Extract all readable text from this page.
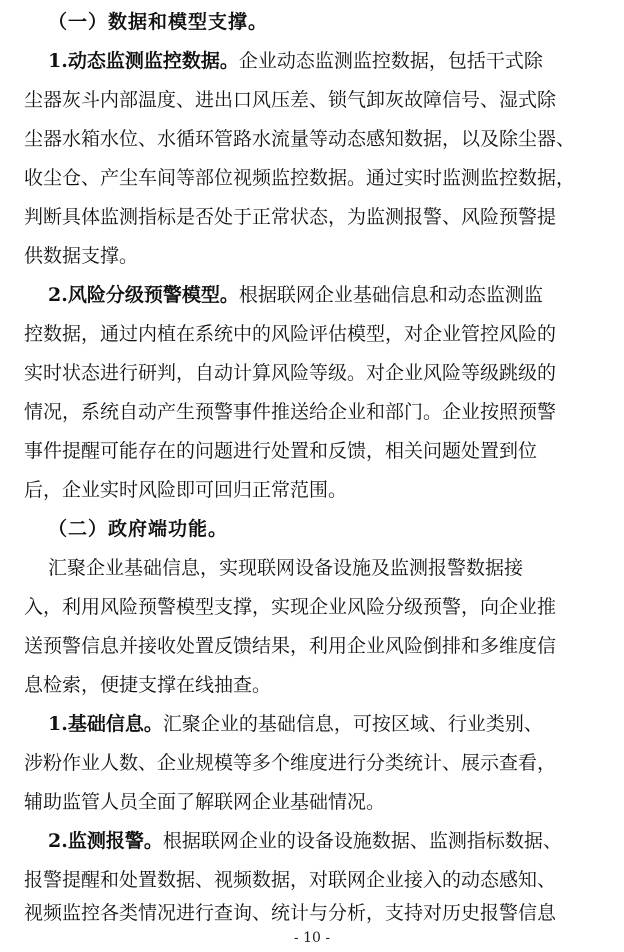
（一）数据和模型支撑。
1.动态监测监控数据。企业动态监测监控数据，包括干式除
尘器灰斗内部温度、进出口风压差、锁气卸灰故障信号、湿式除
尘器水箱水位、水循环管路水流量等动态感知数据，以及除尘器、
收尘仓、产尘车间等部位视频监控数据。通过实时监测监控数据，
判断具体监测指标是否处于正常状态，为监测报警、风险预警提
供数据支撑。
2.风险分级预警模型。根据联网企业基础信息和动态监测监
控数据，通过内植在系统中的风险评估模型，对企业管控风险的
实时状态进行研判，自动计算风险等级。对企业风险等级跳级的
情况，系统自动产生预警事件推送给企业和部门。企业按照预警
事件提醒可能存在的问题进行处置和反馈，相关问题处置到位
后，企业实时风险即可回归正常范围。
（二）政府端功能。
汇聚企业基础信息，实现联网设备设施及监测报警数据接
入，利用风险预警模型支撑，实现企业风险分级预警，向企业推
送预警信息并接收处置反馈结果，利用企业风险倒排和多维度信
息检索，便捷支撑在线抽查。
1.基础信息。汇聚企业的基础信息，可按区域、行业类别、
涉粉作业人数、企业规模等多个维度进行分类统计、展示查看，
辅助监管人员全面了解联网企业基础情况。
2.监测报警。根据联网企业的设备设施数据、监测指标数据、
报警提醒和处置数据、视频数据，对联网企业接入的动态感知、
视频监控各类情况进行查询、统计与分析，支持对历史报警信息
- 10 -
